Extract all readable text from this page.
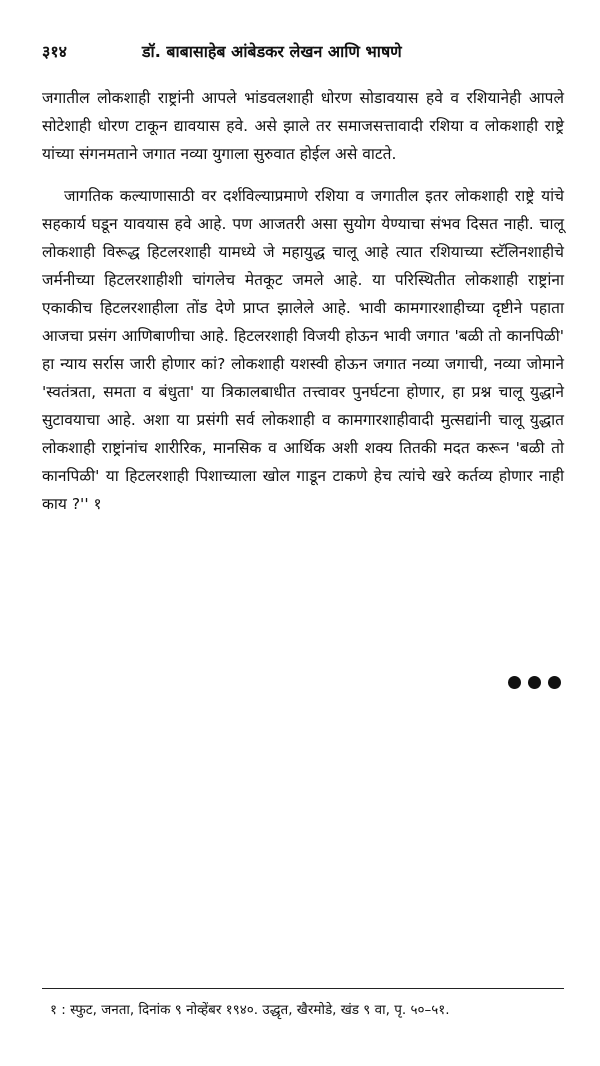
३१४	डॉ. बाबासाहेब आंबेडकर लेखन आणि भाषणे

जगातील लोकशाही राष्ट्रांनी आपले भांडवलशाही धोरण सोडावयास हवे व रशियानेही आपले सोटेशाही धोरण टाकून द्यावयास हवे. असे झाले तर समाजसत्तावादी रशिया व लोकशाही राष्ट्रे यांच्या संगनमताने जगात नव्या युगाला सुरुवात होईल असे वाटते.

जागतिक कल्याणासाठी वर दर्शविल्याप्रमाणे रशिया व जगातील इतर लोकशाही राष्ट्रे यांचे सहकार्य घडून यावयास हवे आहे. पण आजतरी असा सुयोग येण्याचा संभव दिसत नाही. चालू लोकशाही विरूद्ध हिटलरशाही यामध्ये जे महायुद्ध चालू आहे त्यात रशियाच्या स्टॅलिनशाहीचे जर्मनीच्या हिटलरशाहीशी चांगलेच मेतकूट जमले आहे. या परिस्थितीत लोकशाही राष्ट्रांना एकाकीच हिटलरशाहीला तोंड देणे प्राप्त झालेले आहे. भावी कामगारशाहीच्या दृष्टीने पहाता आजचा प्रसंग आणिबाणीचा आहे. हिटलरशाही विजयी होऊन भावी जगात 'बळी तो कानपिळी' हा न्याय सर्रास जारी होणार कां? लोकशाही यशस्वी होऊन जगात नव्या जगाची, नव्या जोमाने 'स्वतंत्रता, समता व बंधुता' या त्रिकालबाधीत तत्त्वावर पुनर्घटना होणार, हा प्रश्न चालू युद्धाने सुटावयाचा आहे. अशा या प्रसंगी सर्व लोकशाही व कामगारशाहीवादी मुत्सद्यांनी चालू युद्धात लोकशाही राष्ट्रांनांच शारीरिक, मानसिक व आर्थिक अशी शक्य तितकी मदत करून 'बळी तो कानपिळी' या हिटलरशाही पिशाच्याला खोल गाडून टाकणे हेच त्यांचे खरे कर्तव्य होणार नाही काय ?'' १

१ : स्फुट, जनता, दिनांक ९ नोव्हेंबर १९४०. उद्धृत, खैरमोडे, खंड ९ वा, पृ. ५०–५१.
